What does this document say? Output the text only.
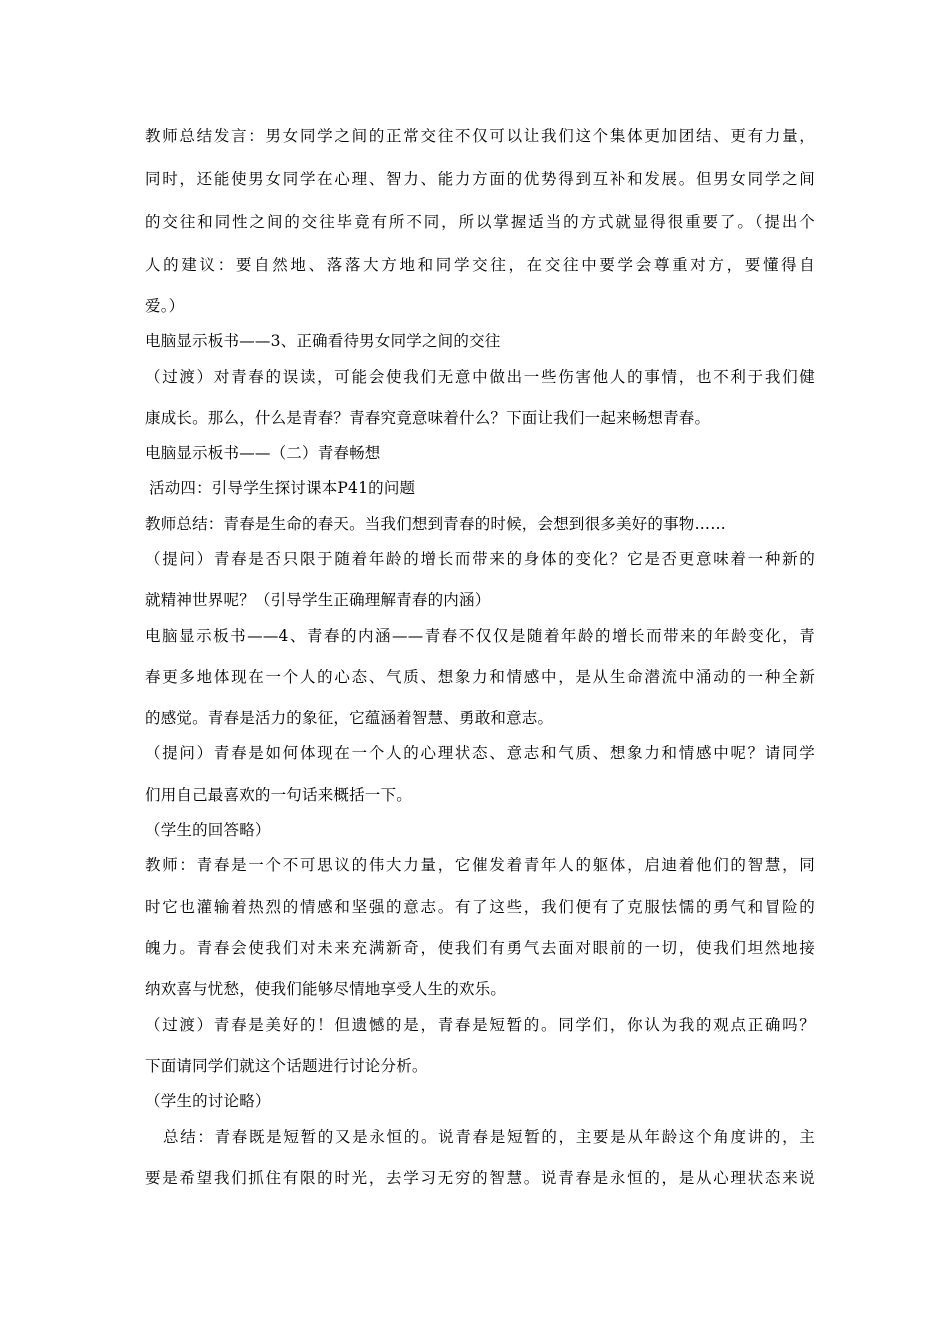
教师总结发言：男女同学之间的正常交往不仅可以让我们这个集体更加团结、更有力量，
同时，还能使男女同学在心理、智力、能力方面的优势得到互补和发展。但男女同学之间
的交往和同性之间的交往毕竟有所不同，所以掌握适当的方式就显得很重要了。（提出个
人的建议：要自然地、落落大方地和同学交往，在交往中要学会尊重对方，要懂得自
爱。）
电脑显示板书——3、正确看待男女同学之间的交往
（过渡）对青春的误读，可能会使我们无意中做出一些伤害他人的事情，也不利于我们健
康成长。那么，什么是青春？青春究竟意味着什么？下面让我们一起来畅想青春。
电脑显示板书——（二）青春畅想
活动四：引导学生探讨课本P41的问题
教师总结：青春是生命的春天。当我们想到青春的时候，会想到很多美好的事物……
（提问）青春是否只限于随着年龄的增长而带来的身体的变化？它是否更意味着一种新的
就精神世界呢？（引导学生正确理解青春的内涵）
电脑显示板书——4、青春的内涵——青春不仅仅是随着年龄的增长而带来的年龄变化，青
春更多地体现在一个人的心态、气质、想象力和情感中，是从生命潜流中涌动的一种全新
的感觉。青春是活力的象征，它蕴涵着智慧、勇敢和意志。
（提问）青春是如何体现在一个人的心理状态、意志和气质、想象力和情感中呢？请同学
们用自己最喜欢的一句话来概括一下。
（学生的回答略）
教师：青春是一个不可思议的伟大力量，它催发着青年人的躯体，启迪着他们的智慧，同
时它也灌输着热烈的情感和坚强的意志。有了这些，我们便有了克服怯懦的勇气和冒险的
魄力。青春会使我们对未来充满新奇，使我们有勇气去面对眼前的一切，使我们坦然地接
纳欢喜与忧愁，使我们能够尽情地享受人生的欢乐。
（过渡）青春是美好的！但遗憾的是，青春是短暂的。同学们，你认为我的观点正确吗？
下面请同学们就这个话题进行讨论分析。
（学生的讨论略）
总结：青春既是短暂的又是永恒的。说青春是短暂的，主要是从年龄这个角度讲的，主
要是希望我们抓住有限的时光，去学习无穷的智慧。说青春是永恒的，是从心理状态来说
